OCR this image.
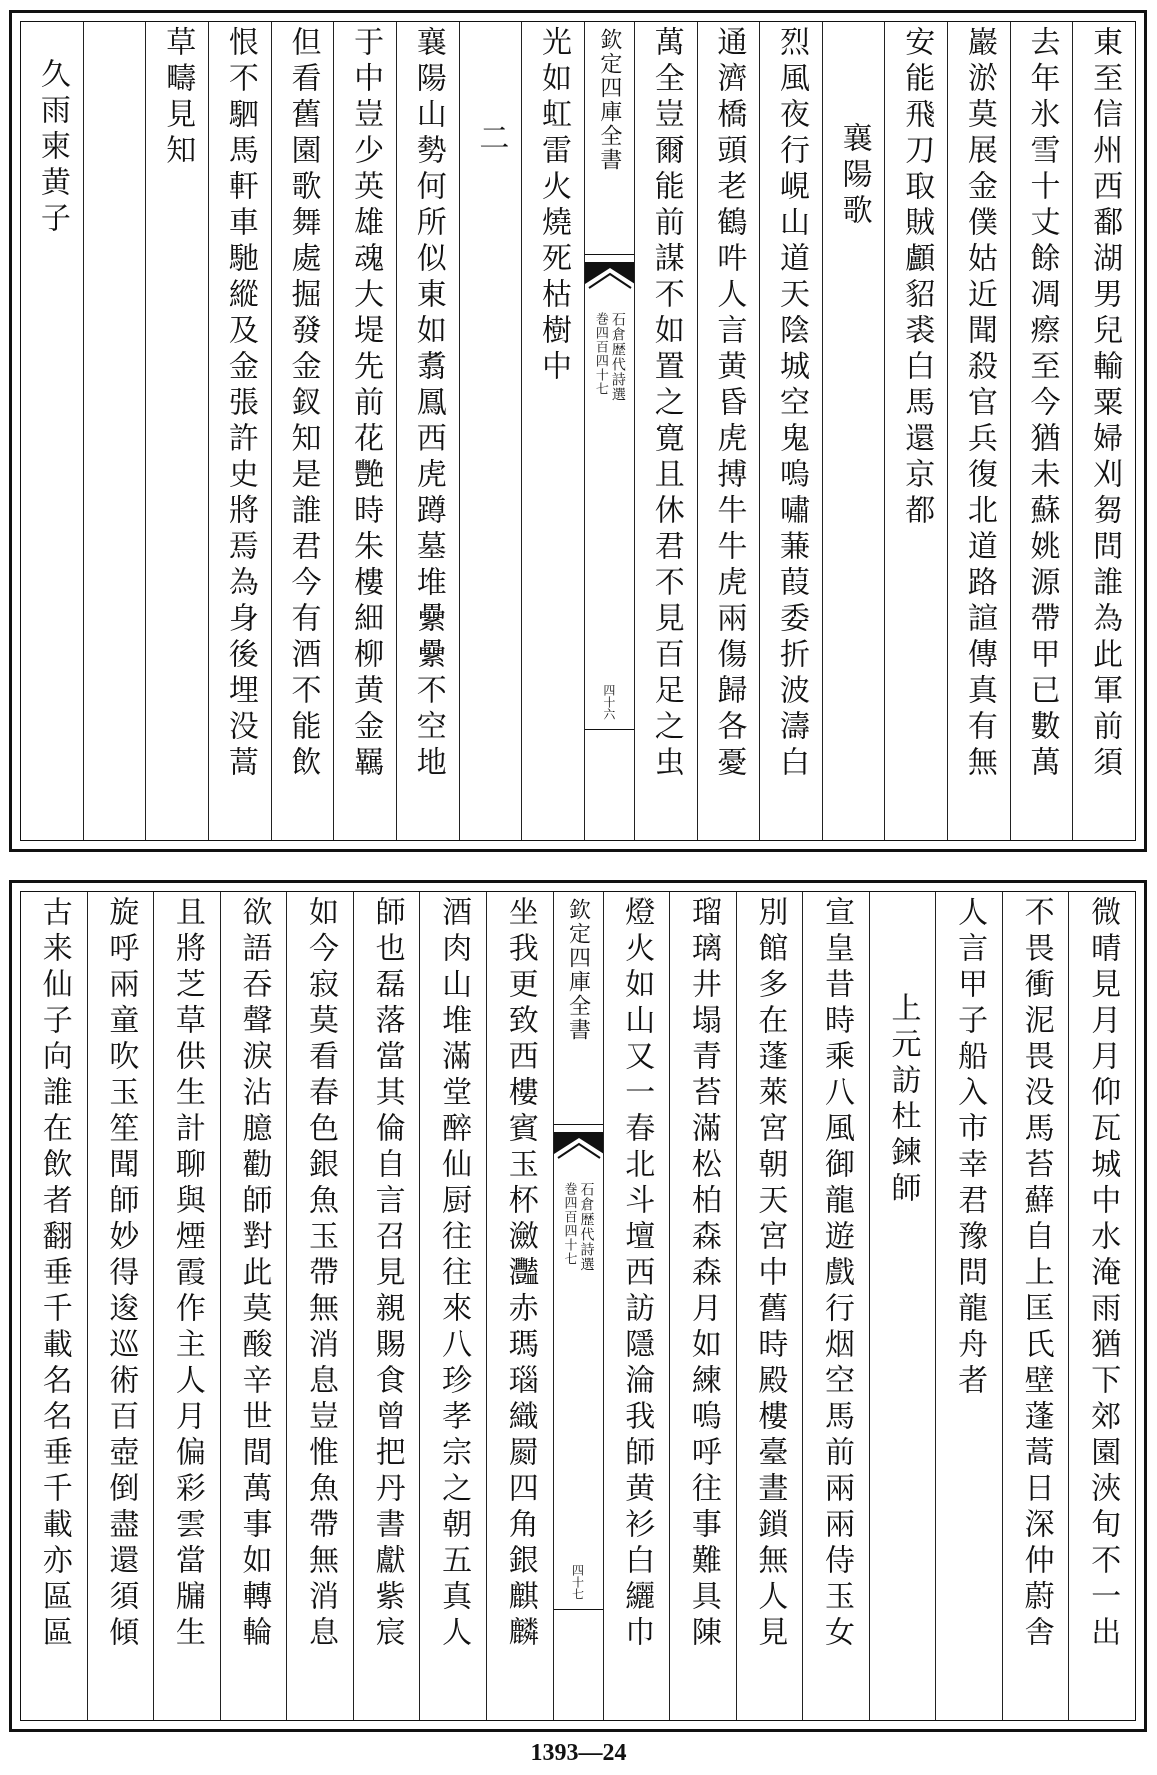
東至信州西鄱湖男兒輸粟婦刈芻問誰為此軍前須
去年氷雪十丈餘凋瘵至今猶未蘇姚源帶甲已數萬
巖淤莫展金僕姑近聞殺官兵復北道路諠傳真有無
安能飛刀取賊顱貂裘白馬還京都
襄陽歌
烈風夜行峴山道天陰城空鬼嗚嘯蒹葭委折波濤白
通濟橋頭老鶴吽人言黄昏虎搏牛牛虎兩傷歸各憂
萬全豈爾能前謀不如置之寛且休君不見百足之虫
欽定四庫全書
石倉歴代詩選
巻四百四十七
四十六
光如虹雷火燒死枯樹中
二
襄陽山勢何所似東如翥鳳西虎蹲墓堆纍纍不空地
于中豈少英雄魂大堤先前花艷時朱樓細柳黄金羈
但看舊園歌舞處掘發金釵知是誰君今有酒不能飲
恨不駟馬軒車馳縱及金張許史將焉為身後埋没蒿
草疇見知
久雨柬黄子
微晴見月月仰瓦城中水淹雨猶下郊園浹旬不一出
不畏衝泥畏没馬苔蘚自上匡氏壁蓬蒿日深仲蔚舎
人言甲子船入市幸君豫問龍舟者
上元訪杜鍊師
宣皇昔時乘八風御龍遊戲行烟空馬前兩兩侍玉女
別館多在蓬萊宮朝天宮中舊時殿樓臺晝鎖無人見
瑠璃井塌青苔滿松柏森森月如練嗚呼往事難具陳
燈火如山又一春北斗壇西訪隱淪我師黄衫白纚巾
欽定四庫全書
石倉歴代詩選
巻四百四十七
四十七
坐我更致西樓賓玉杯瀲灩赤瑪瑙織罽四角銀麒麟
酒肉山堆滿堂醉仙厨往往來八珍孝宗之朝五真人
師也磊落當其倫自言召見親賜食曾把丹書獻紫宸
如今寂莫看春色銀魚玉帶無消息豈惟魚帶無消息
欲語吞聲淚沾臆勸師對此莫酸辛世間萬事如轉輪
且將芝草供生計聊與煙霞作主人月偏彩雲當牖生
旋呼兩童吹玉笙聞師妙得逡巡術百壺倒盡還須傾
古来仙子向誰在飲者翻垂千載名名垂千載亦區區
1393—24
